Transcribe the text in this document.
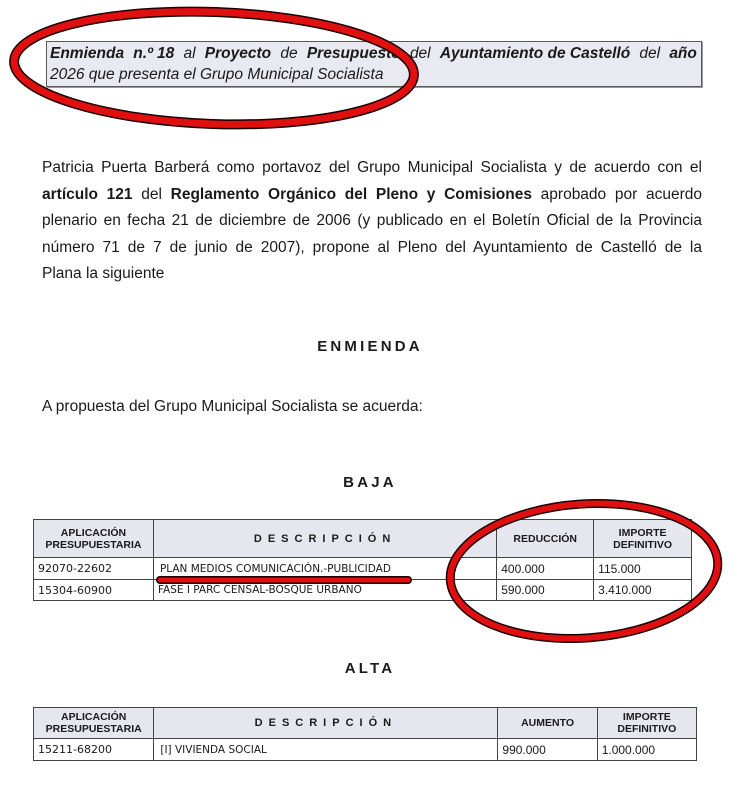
Enmienda n.º 18 al Proyecto de Presupuesto del Ayuntamiento de Castelló del año
2026 que presenta el Grupo Municipal Socialista
Patricia Puerta Barberá como portavoz del Grupo Municipal Socialista y de acuerdo con el
artículo 121 del Reglamento Orgánico del Pleno y Comisiones aprobado por acuerdo
plenario en fecha 21 de diciembre de 2006 (y publicado en el Boletín Oficial de la Provincia
número 71 de 7 de junio de 2007), propone al Pleno del Ayuntamiento de Castelló de la
Plana la siguiente
ENMIENDA
A propuesta del Grupo Municipal Socialista se acuerda:
BAJA
APLICACIÓN
PRESUPUESTARIA	DESCRIPCIÓN	REDUCCIÓN	IMPORTE
DEFINITIVO	
92070-22602	PLAN MEDIOS COMUNICACIÓN.-PUBLICIDAD	400.000	115.000	
15304-60900	FASE I PARC CENSAL-BOSQUE URBANO	590.000	3.410.000	
ALTA
APLICACIÓN
PRESUPUESTARIA	DESCRIPCIÓN	AUMENTO	IMPORTE
DEFINITIVO
15211-68200	[I] VIVIENDA SOCIAL	990.000	1.000.000
